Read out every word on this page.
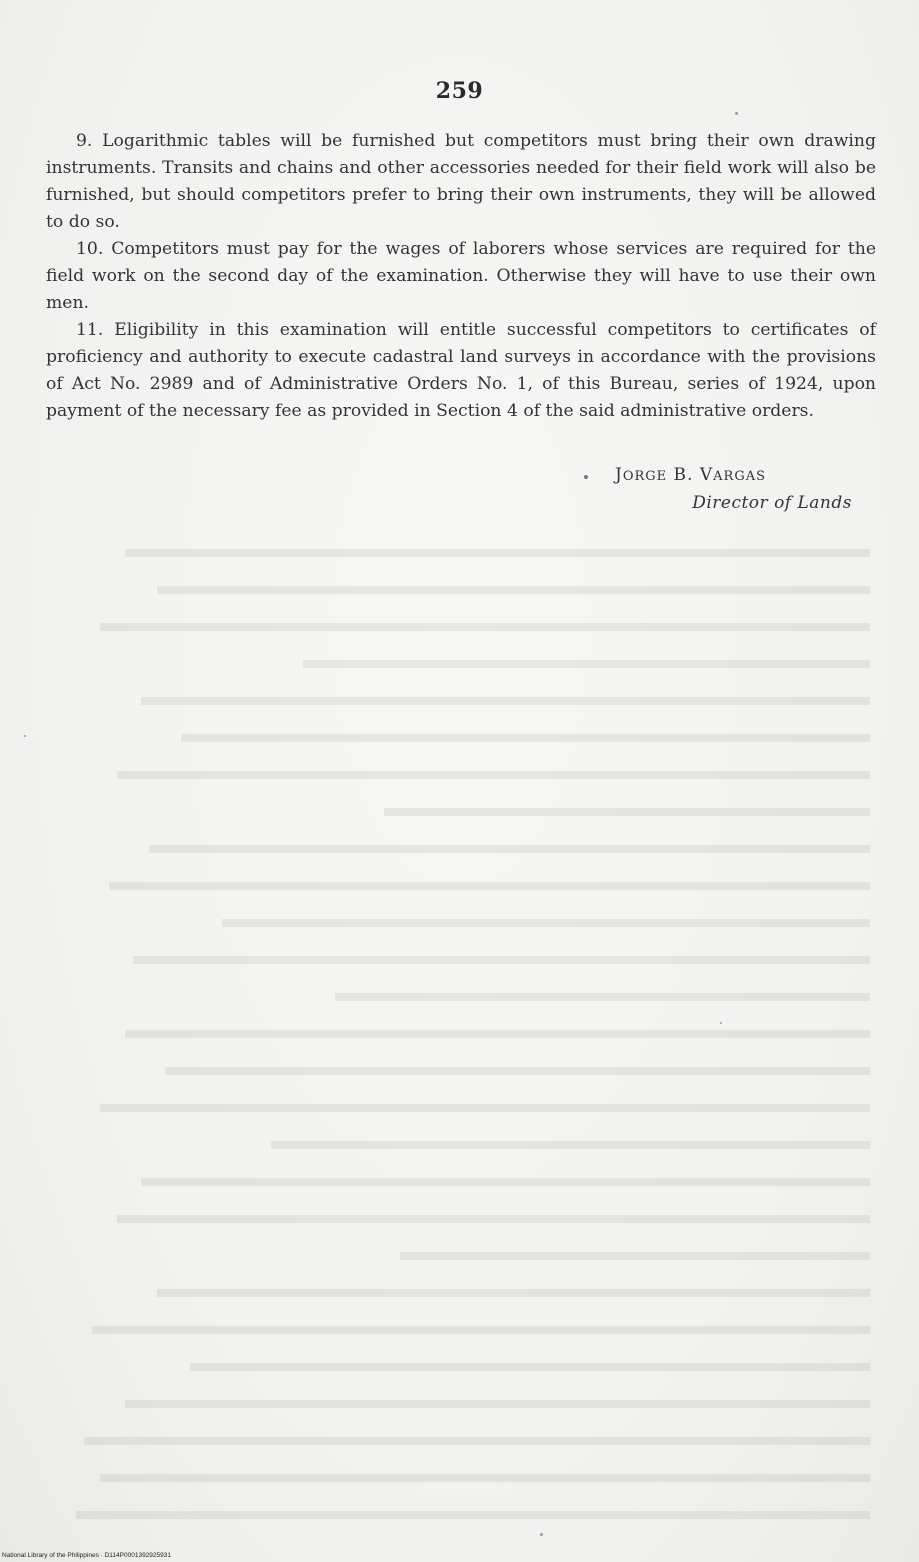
259

9. Logarithmic tables will be furnished but competitors must bring their own drawing instruments. Transits and chains and other accessories needed for their field work will also be furnished, but should competitors prefer to bring their own instruments, they will be allowed to do so.

10. Competitors must pay for the wages of laborers whose services are required for the field work on the second day of the examination. Otherwise they will have to use their own men.

11. Eligibility in this examination will entitle successful competitors to certificates of proficiency and authority to execute cadastral land surveys in accordance with the provisions of Act No. 2989 and of Administrative Orders No. 1, of this Bureau, series of 1924, upon payment of the necessary fee as provided in Section 4 of the said administrative orders.

JORGE B. VARGAS
Director of Lands
National Library of the Philippines · D114P0001392925931
